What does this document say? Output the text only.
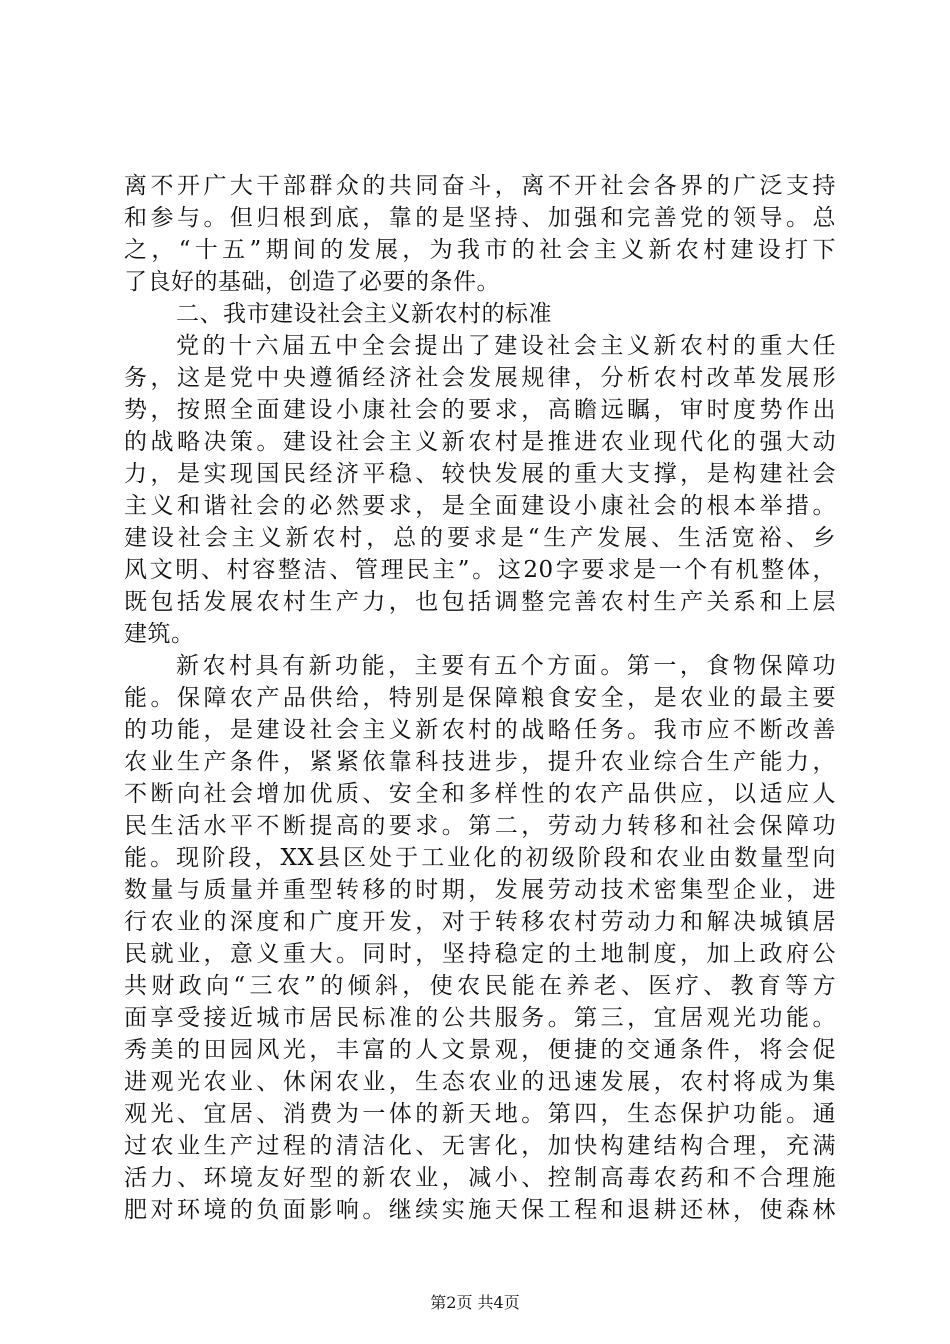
离不开广大干部群众的共同奋斗，离不开社会各界的广泛支持
和参与。但归根到底，靠的是坚持、加强和完善党的领导。总
之，“十五”期间的发展，为我市的社会主义新农村建设打下
了良好的基础，创造了必要的条件。
二、我市建设社会主义新农村的标准
党的十六届五中全会提出了建设社会主义新农村的重大任
务，这是党中央遵循经济社会发展规律，分析农村改革发展形
势，按照全面建设小康社会的要求，高瞻远瞩，审时度势作出
的战略决策。建设社会主义新农村是推进农业现代化的强大动
力，是实现国民经济平稳、较快发展的重大支撑，是构建社会
主义和谐社会的必然要求，是全面建设小康社会的根本举措。
建设社会主义新农村，总的要求是“生产发展、生活宽裕、乡
风文明、村容整洁、管理民主”。这20字要求是一个有机整体，
既包括发展农村生产力，也包括调整完善农村生产关系和上层
建筑。
新农村具有新功能，主要有五个方面。第一，食物保障功
能。保障农产品供给，特别是保障粮食安全，是农业的最主要
的功能，是建设社会主义新农村的战略任务。我市应不断改善
农业生产条件，紧紧依靠科技进步，提升农业综合生产能力，
不断向社会增加优质、安全和多样性的农产品供应，以适应人
民生活水平不断提高的要求。第二，劳动力转移和社会保障功
能。现阶段，XX县区处于工业化的初级阶段和农业由数量型向
数量与质量并重型转移的时期，发展劳动技术密集型企业，进
行农业的深度和广度开发，对于转移农村劳动力和解决城镇居
民就业，意义重大。同时，坚持稳定的土地制度，加上政府公
共财政向“三农”的倾斜，使农民能在养老、医疗、教育等方
面享受接近城市居民标准的公共服务。第三，宜居观光功能。
秀美的田园风光，丰富的人文景观，便捷的交通条件，将会促
进观光农业、休闲农业，生态农业的迅速发展，农村将成为集
观光、宜居、消费为一体的新天地。第四，生态保护功能。通
过农业生产过程的清洁化、无害化，加快构建结构合理，充满
活力、环境友好型的新农业，减小、控制高毒农药和不合理施
肥对环境的负面影响。继续实施天保工程和退耕还林，使森林
第2页 共4页
